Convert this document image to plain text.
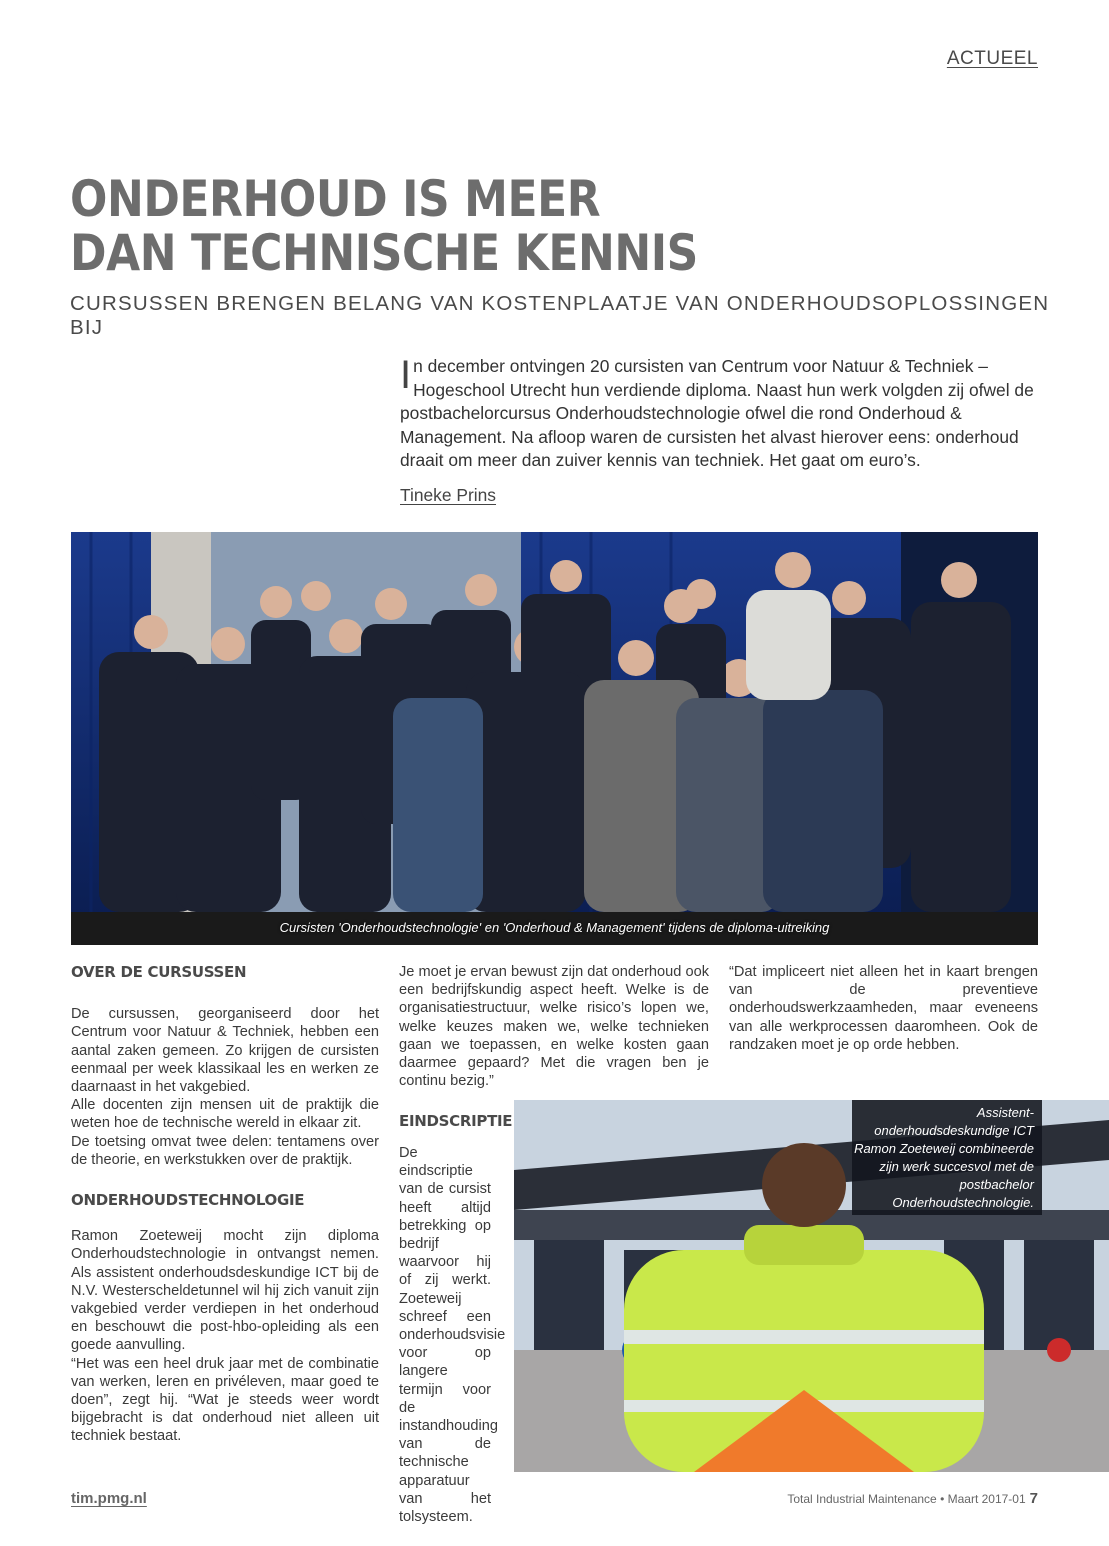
ACTUEEL
ONDERHOUD IS MEER
DAN TECHNISCHE KENNIS
CURSUSSEN BRENGEN BELANG VAN KOSTENPLAATJE VAN ONDERHOUDSOPLOSSINGEN BIJ
In december ontvingen 20 cursisten van Centrum voor Natuur & Techniek – Hogeschool Utrecht hun verdiende diploma. Naast hun werk volgden zij ofwel de postbachelorcursus Onderhoudstechnologie ofwel die rond Onderhoud & Management. Na afloop waren de cursisten het alvast hierover eens: onderhoud draait om meer dan zuiver kennis van techniek. Het gaat om euro’s.
Tineke Prins
Cursisten 'Onderhoudstechnologie' en 'Onderhoud & Management' tijdens de diploma-uitreiking
OVER DE CURSUSSEN

De cursussen, georganiseerd door het Centrum voor Natuur & Techniek, hebben een aantal zaken gemeen. Zo krijgen de cursisten eenmaal per week klassikaal les en werken ze daarnaast in het vakgebied.

Alle docenten zijn mensen uit de praktijk die weten hoe de technische wereld in elkaar zit.

De toetsing omvat twee delen: tentamens over de theorie, en werkstukken over de praktijk.

ONDERHOUDSTECHNOLOGIE

Ramon Zoeteweij mocht zijn diploma Onderhoudstechnologie in ontvangst nemen. Als assistent onderhoudsdeskundige ICT bij de N.V. Westerscheldetunnel wil hij zich vanuit zijn vakgebied verder verdiepen in het onderhoud en beschouwt die post-hbo-opleiding als een goede aanvulling.

“Het was een heel druk jaar met de combinatie van werken, leren en privéleven, maar goed te doen”, zegt hij. “Wat je steeds weer wordt bijgebracht is dat onderhoud niet alleen uit techniek bestaat.

Je moet je ervan bewust zijn dat onderhoud ook een bedrijfskundig aspect heeft. Welke is de organisatiestructuur, welke risico’s lopen we, welke keuzes maken we, welke technieken gaan we toepassen, en welke kosten gaan daarmee gepaard? Met die vragen ben je continu bezig.”

EINDSCRIPTIE

De eindscriptie van de cursist heeft altijd betrekking op bedrijf waarvoor hij of zij werkt. Zoeteweij schreef een onderhoudsvisie voor op langere termijn voor de instandhouding van de technische apparatuur van het tolsysteem.

“Dat impliceert niet alleen het in kaart brengen van de preventieve onderhoudswerkzaamheden, maar eveneens van alle werkprocessen daaromheen. Ook de randzaken moet je op orde hebben.

Assistent-onderhoudsdeskundige ICT Ramon Zoeteweij combineerde zijn werk succesvol met de postbachelor Onderhoudstechnologie.
tim.pmg.nl	Total Industrial Maintenance • Maart 2017-01 7
